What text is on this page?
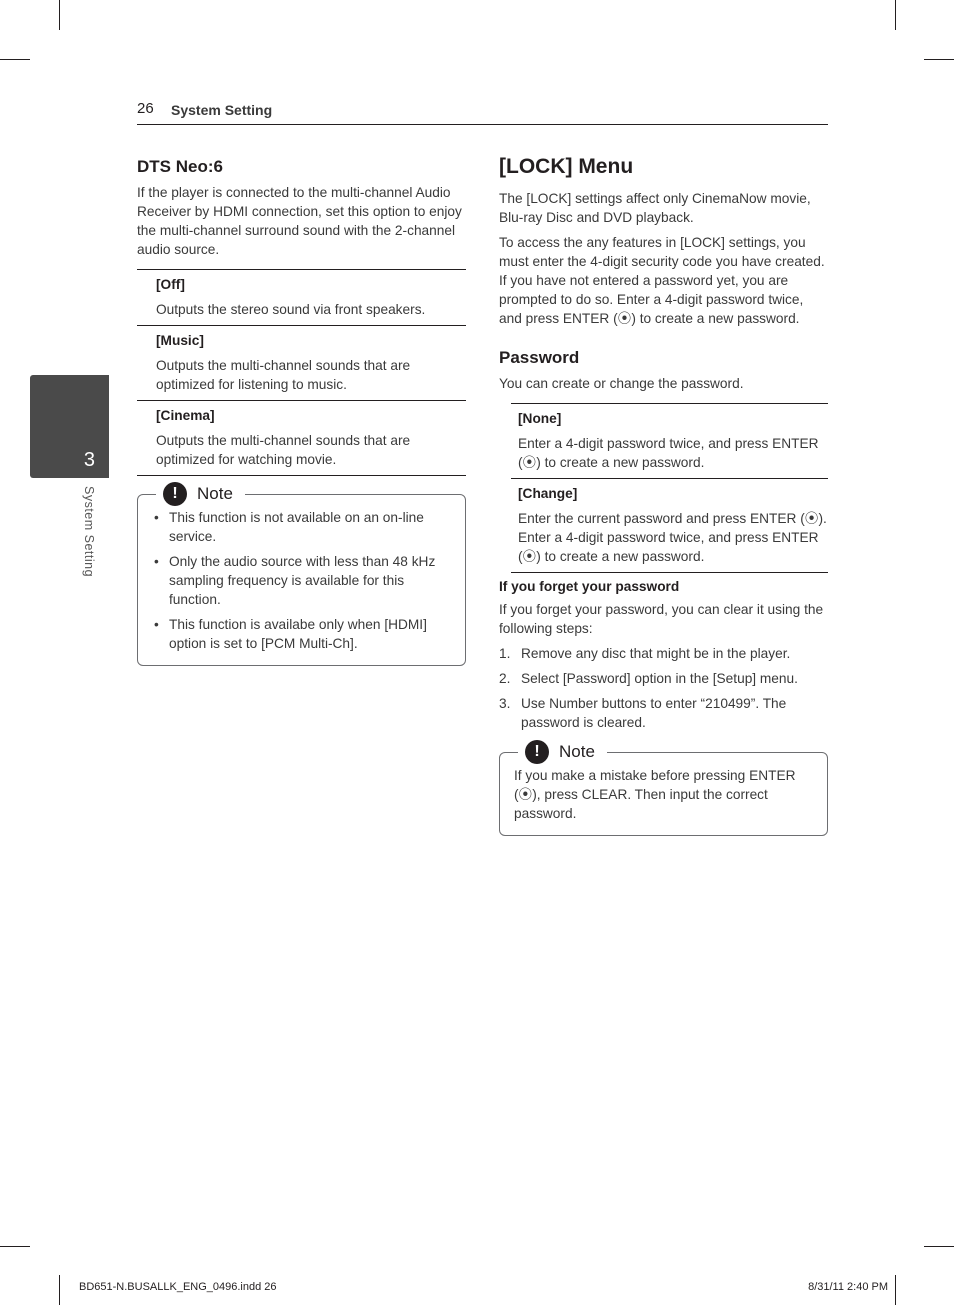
26 System Setting
3
System Setting
DTS Neo:6

If the player is connected to the multi-channel Audio Receiver by HDMI connection, set this option to enjoy the multi-channel surround sound with the 2-channel audio source.

[Off]
Outputs the stereo sound via front speakers.
[Music]
Outputs the multi-channel sounds that are optimized for listening to music.
[Cinema]
Outputs the multi-channel sounds that are optimized for watching movie.
!	Note
• This function is not available on an on-line service.
• Only the audio source with less than 48 kHz sampling frequency is available for this function.
• This function is availabe only when [HDMI] option is set to [PCM Multi-Ch].
[LOCK] Menu

The [LOCK] settings affect only CinemaNow movie, Blu-ray Disc and DVD playback.

To access the any features in [LOCK] settings, you must enter the 4-digit security code you have created.

If you have not entered a password yet, you are prompted to do so. Enter a 4-digit password twice, and press ENTER (⦿) to create a new password.

Password

You can create or change the password.

[None]
Enter a 4-digit password twice, and press ENTER (⦿) to create a new password.
[Change]
Enter the current password and press ENTER (⦿). Enter a 4-digit password twice, and press ENTER (⦿) to create a new password.
If you forget your password

If you forget your password, you can clear it using the following steps:

1. Remove any disc that might be in the player.
2. Select [Password] option in the [Setup] menu.
3. Use Number buttons to enter “210499”. The password is cleared.
!	Note

If you make a mistake before pressing ENTER (⦿), press CLEAR. Then input the correct password.

BD651-N.BUSALLK_ENG_0496.indd 26	8/31/11 2:40 PM
